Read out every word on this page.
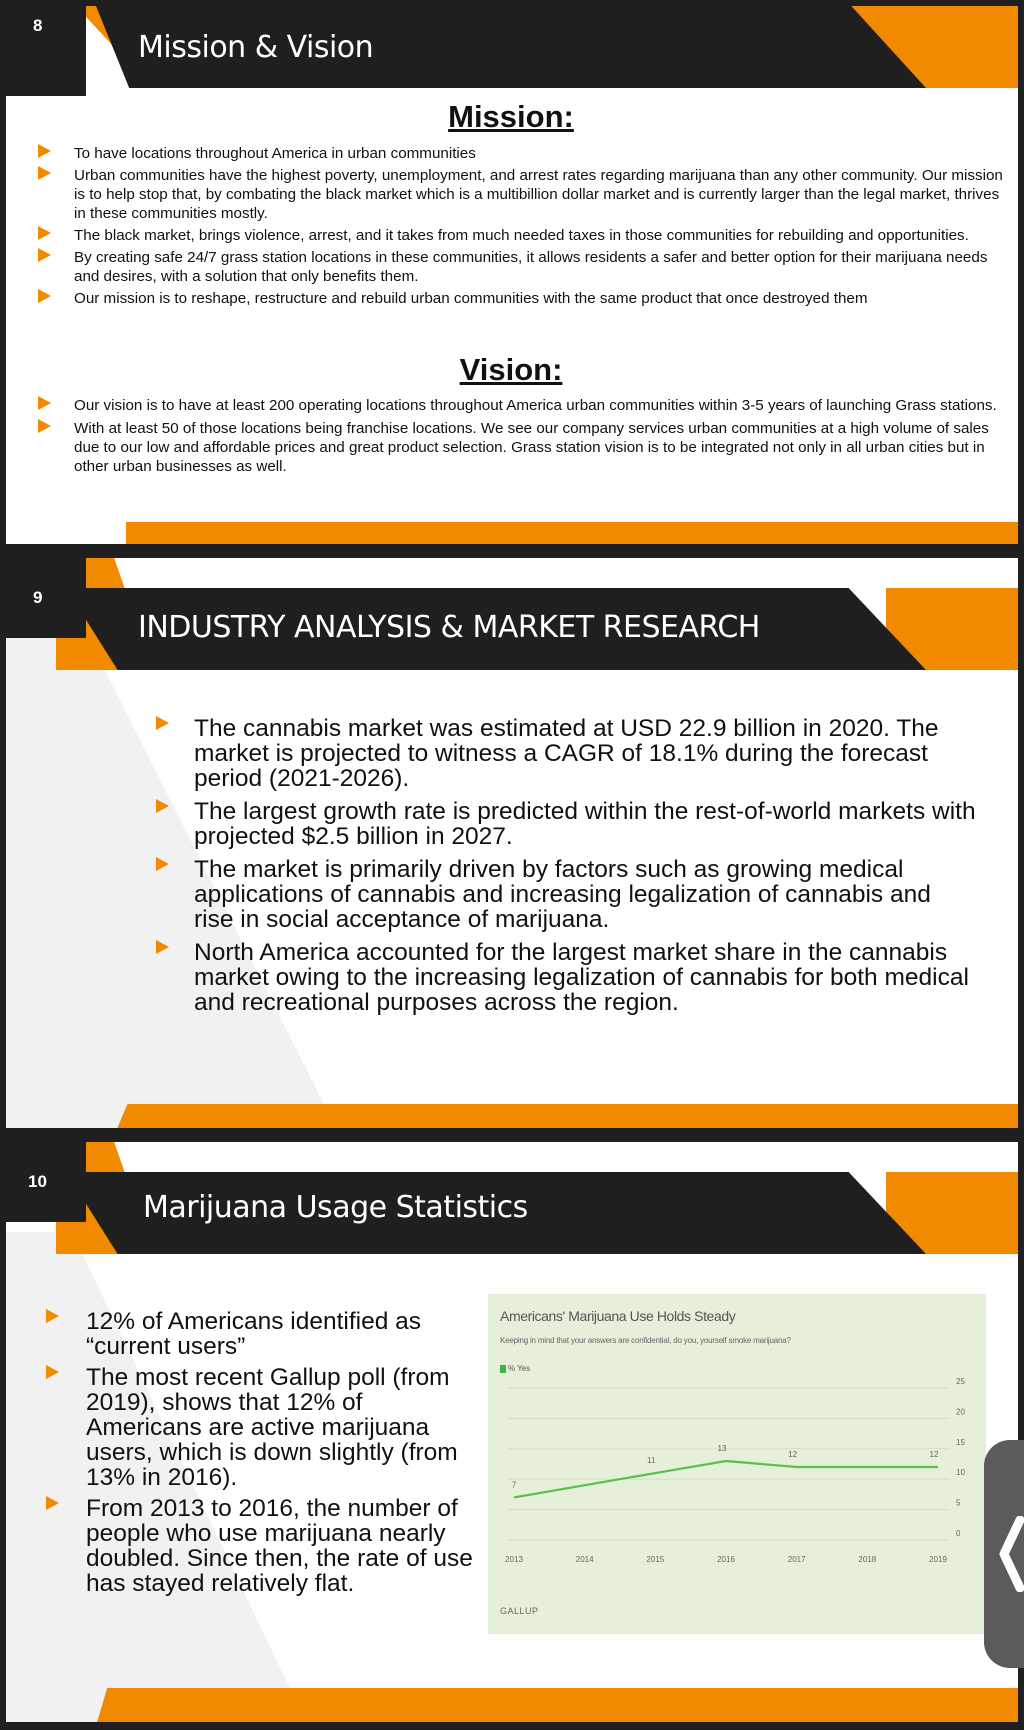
8
Mission & Vision
Mission:
To have locations throughout America in urban communities
Urban communities have the highest poverty, unemployment, and arrest rates regarding marijuana than any other community. Our mission is to help stop that, by combating the black market which is a multibillion dollar market and is currently larger than the legal market, thrives in these communities mostly.
The black market, brings violence, arrest, and it takes from much needed taxes in those communities for rebuilding and opportunities.
By creating safe 24/7 grass station locations in these communities, it allows residents a safer and better option for their marijuana needs and desires, with a solution that only benefits them.
Our mission is to reshape, restructure and rebuild urban communities with the same product that once destroyed them
Vision:
Our vision is to have at least 200 operating locations throughout America urban communities within 3-5 years of launching Grass stations.
With at least 50 of those locations being franchise locations. We see our company services urban communities at a high volume of sales due to our low and affordable prices and great product selection. Grass station vision is to be integrated not only in all urban cities but in other urban businesses as well.
9
INDUSTRY ANALYSIS & MARKET RESEARCH
The cannabis market was estimated at USD 22.9 billion in 2020. The market is projected to witness a CAGR of 18.1% during the forecast period (2021-2026).
The largest growth rate is predicted within the rest-of-world markets with projected $2.5 billion in 2027.
The market is primarily driven by factors such as growing medical applications of cannabis and increasing legalization of cannabis and rise in social acceptance of marijuana.
North America accounted for the largest market share in the cannabis market owing to the increasing legalization of cannabis for both medical and recreational purposes across the region.
10
Marijuana Usage Statistics
12% of Americans identified as “current users”
The most recent Gallup poll (from 2019), shows that 12% of Americans are active marijuana users, which is down slightly (from 13% in 2016).
From 2013 to 2016, the number of people who use marijuana nearly doubled. Since then, the rate of use has stayed relatively flat.
Americans' Marijuana Use Holds Steady
Keeping in mind that your answers are confidential, do you, yourself smoke marijuana?
% Yes
0
5
10
15
20
25
2013	2014	2015	2016	2017	2018	2019
7
11
13
12	12
GALLUP
